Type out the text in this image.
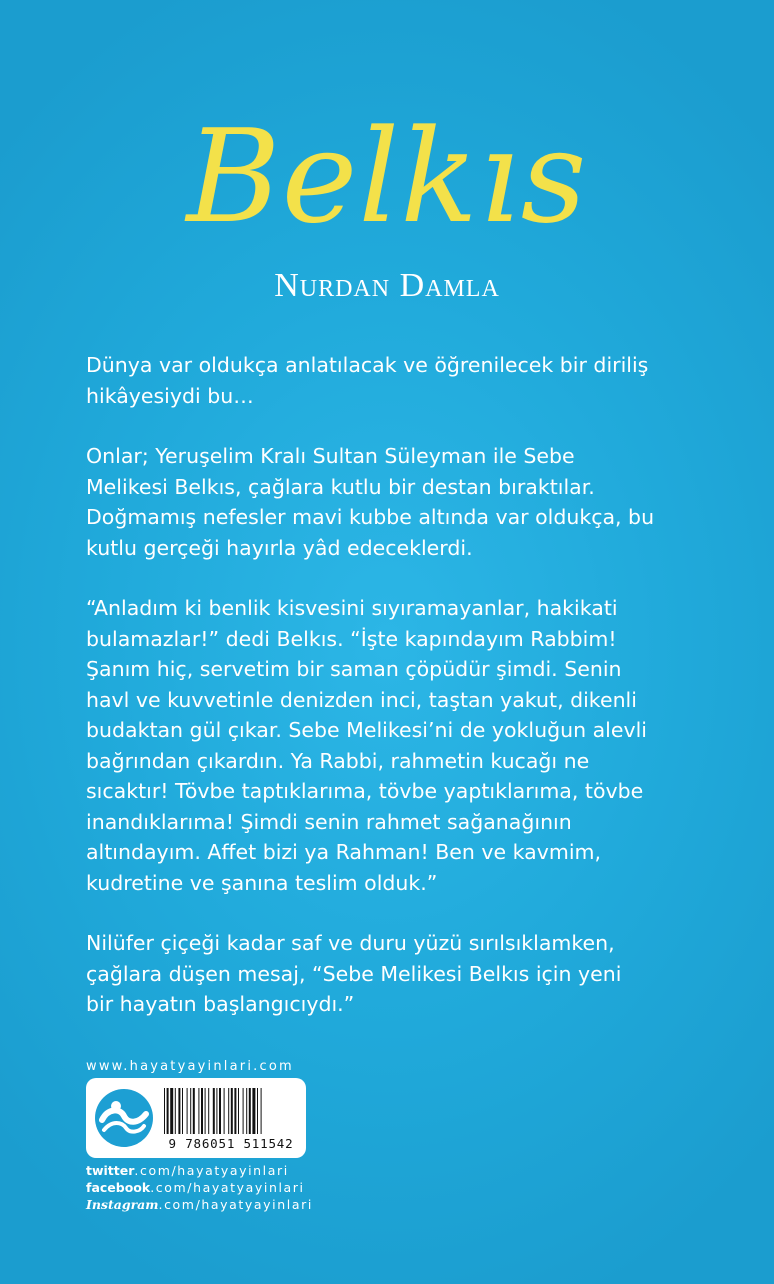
Belkıs
Nurdan Damla

Dünya var oldukça anlatılacak ve öğrenilecek bir diriliş
hikâyesiydi bu…

Onlar; Yeruşelim Kralı Sultan Süleyman ile Sebe
Melikesi Belkıs, çağlara kutlu bir destan bıraktılar.
Doğmamış nefesler mavi kubbe altında var oldukça, bu
kutlu gerçeği hayırla yâd edeceklerdi.

“Anladım ki benlik kisvesini sıyıramayanlar, hakikati
bulamazlar!” dedi Belkıs. “İşte kapındayım Rabbim!
Şanım hiç, servetim bir saman çöpüdür şimdi. Senin
havl ve kuvvetinle denizden inci, taştan yakut, dikenli
budaktan gül çıkar. Sebe Melikesi’ni de yokluğun alevli
bağrından çıkardın. Ya Rabbi, rahmetin kucağı ne
sıcaktır! Tövbe taptıklarıma, tövbe yaptıklarıma, tövbe
inandıklarıma! Şimdi senin rahmet sağanağının
altındayım. Affet bizi ya Rahman! Ben ve kavmim,
kudretine ve şanına teslim olduk.”

Nilüfer çiçeği kadar saf ve duru yüzü sırılsıklamken,
çağlara düşen mesaj, “Sebe Melikesi Belkıs için yeni
bir hayatın başlangıcıydı.”

www.hayatyayinlari.com
9 786051 511542
twitter.com/hayatyayinlari
facebook.com/hayatyayinlari
Instagram.com/hayatyayinlari
